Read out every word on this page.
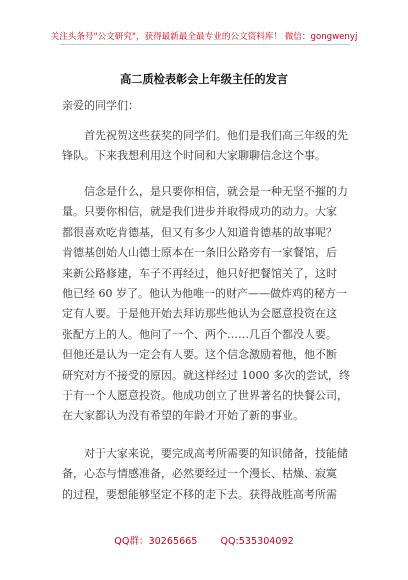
关注头条号"公文研究"，获得最新最全最专业的公文资料库！ 微信：gongwenyj
高二质检表彰会上年级主任的发言

亲爱的同学们：

首先祝贺这些获奖的同学们。他们是我们高三年级的先
锋队。下来我想利用这个时间和大家聊聊信念这个事。

信念是什么，是只要你相信，就会是一种无坚不摧的力
量。只要你相信，就是我们进步并取得成功的动力。大家
都很喜欢吃肯德基，但又有多少人知道肯德基的故事呢？
肯德基创始人山德士原本在一条旧公路旁有一家餐馆，后
来新公路修建，车子不再经过，他只好把餐馆关了，这时
他已经 60 岁了。他认为他唯一的财产——做炸鸡的秘方一
定有人要。于是他开始去拜访那些他认为会愿意投资在这
张配方上的人。他问了一个、两个……几百个都没人要。
但他还是认为一定会有人要。这个信念激励着他，他不断
研究对方不接受的原因。就这样经过 1000 多次的尝试，终
于有一个人愿意投资。他成功创立了世界著名的快餐公司，
在大家都认为没有希望的年龄才开始了新的事业。

对于大家来说，要完成高考所需要的知识储备，技能储
备，心态与情感准备，必然要经过一个漫长、枯燥、寂寞
的过程，要想能够坚定不移的走下去。获得战胜高考所需

QQ群：30265665 QQ:535304092
